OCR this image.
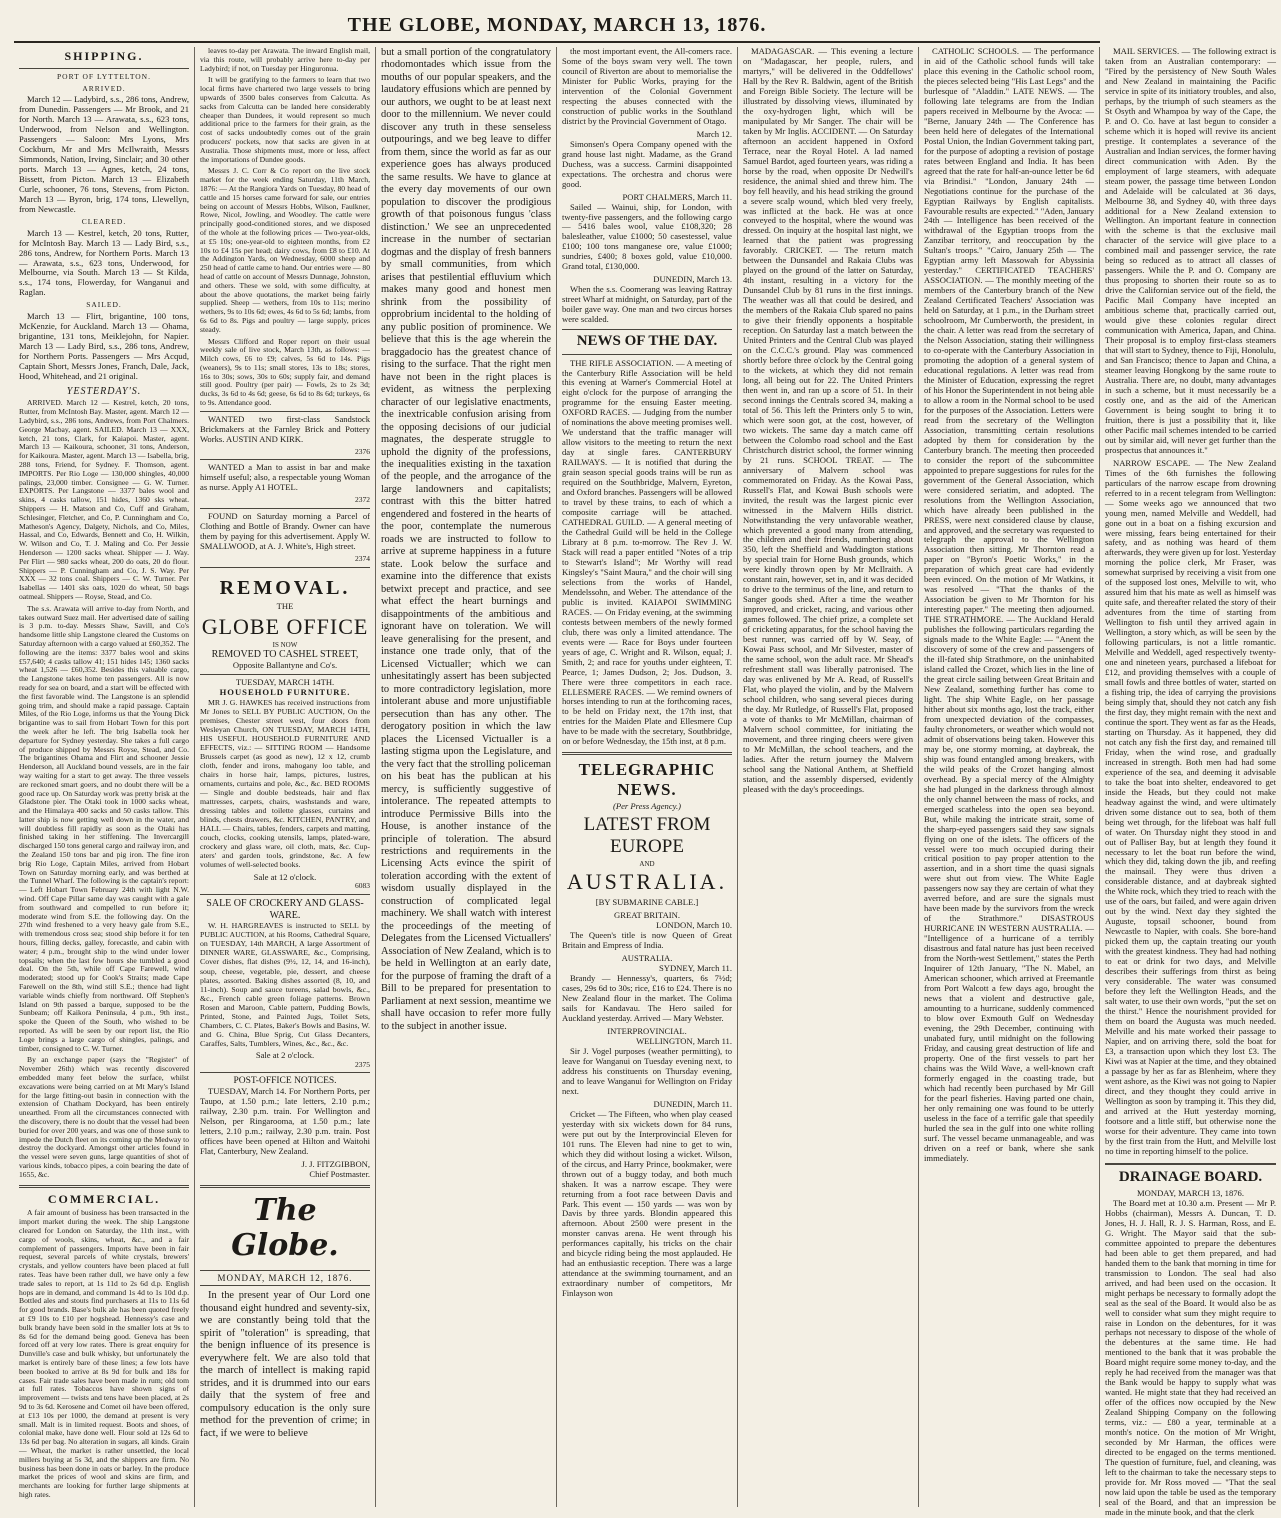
THE GLOBE, MONDAY, MARCH 13, 1876.
SHIPPING.
PORT OF LYTTELTON.
ARRIVED.

March 12 — Ladybird, s.s., 286 tons, Andrew, from Dunedin. Passengers — Mr Brook, and 21 for North. March 13 — Arawata, s.s., 623 tons, Underwood, from Nelson and Wellington. Passengers — Saloon: Mrs Lyons, Mrs Cockburn, Mr and Mrs McIlwraith, Messrs Simmonds, Nation, Irving, Sinclair; and 30 other ports. March 13 — Agnes, ketch, 24 tons, Bissett, from Picton. March 13 — Elizabeth Curle, schooner, 76 tons, Stevens, from Picton. March 13 — Byron, brig, 174 tons, Llewellyn, from Newcastle.

CLEARED.

March 13 — Kestrel, ketch, 20 tons, Rutter, for McIntosh Bay. March 13 — Lady Bird, s.s., 286 tons, Andrew, for Northern Ports. March 13 — Arawata, s.s., 623 tons, Underwood, for Melbourne, via South. March 13 — St Kilda, s.s., 174 tons, Flowerday, for Wanganui and Raglan.

SAILED.

March 13 — Flirt, brigantine, 100 tons, McKenzie, for Auckland. March 13 — Ohama, brigantine, 131 tons, Meiklejohn, for Napier. March 13 — Lady Bird, s.s., 286 tons, Andrew, for Northern Ports. Passengers — Mrs Acqud, Captain Short, Messrs Jones, Franch, Dale, Jack, Hood, Whitehead, and 21 original.

YESTERDAY'S.

ARRIVED. March 12 — Kestrel, ketch, 20 tons, Rutter, from McIntosh Bay. Master, agent. March 12 — Ladybird, s.s., 286 tons, Andrews, from Port Chalmers. George Macbay, agent. SAILED. March 13 — XXX, ketch, 21 tons, Clark, for Kaiapoi. Master, agent. March 13 — Kaikoura, schooner, 31 tons, Anderson, for Kaikoura. Master, agent. March 13 — Isabella, brig, 288 tons, Friend, for Sydney. F. Thomson, agent. IMPORTS. Per Rio Loge — 130,000 shingles, 40,000 palings, 23,000 timber. Consignee — G. W. Turner. EXPORTS. Per Langstone — 3377 bales wool and skins, 4 casks tallow, 151 hides, 1360 sks wheat. Shippers — H. Matson and Co, Cuff and Graham, Schlesinger, Fletcher, and Co, P. Cunningham and Co, Matheson's Agency, Dalgety, Nichols, and Co, Miles, Hassal, and Co, Edwards, Bennett and Co, H. Wilkin, W. Wilson and Co, T. J. Maling and Co. Per Jessie Henderson — 1200 sacks wheat. Shipper — J. Way. Per Flirt — 980 sacks wheat, 200 do oats, 20 do flour. Shippers — P. Cunningham and Co, J. S. Way. Per XXX — 32 tons coal. Shippers — C. W. Turner. Per Isabellas — 1401 sks oats, 1020 do wheat, 50 bags oatmeal. Shippers — Royse, Stead, and Co.

The s.s. Arawata will arrive to-day from North, and takes outward Suez mail. Her advertised date of sailing is 3 p.m. to-day. Messrs Shaw, Savill, and Co's handsome little ship Langstone cleared the Customs on Saturday afternoon with a cargo valued at £60,352. The following are the items: 3377 bales wool and skins £57,640; 4 casks tallow 41; 151 hides 145; 1360 sacks wheat 1,526 — £60,352. Besides this valuable cargo, the Langstone takes home ten passengers. All is now ready for sea on board, and a start will be effected with the first favorable wind. The Langstone is an splendid going trim, and should make a rapid passage. Captain Miles, of the Rio Loge, informs us that the Young Dick brigantine was to sail from Hobart Town for this port the week after he left. The brig Isabella took her departure for Sydney yesterday. She takes a full cargo of produce shipped by Messrs Royse, Stead, and Co. The brigantines Ohama and Flirt and schooner Jessie Henderson, all Auckland bound vessels, are in the fair way waiting for a start to get away. The three vessels are reckoned smart goers, and no doubt there will be a good race up. On Saturday work was pretty brisk at the Gladstone pier. The Otaki took in 1000 sacks wheat, and the Himalaya 400 sacks and 50 casks tallow. This latter ship is now getting well down in the water, and will doubtless fill rapidly as soon as the Otaki has finished taking in her stiffening. The Invercargill discharged 150 tons general cargo and railway iron, and the Zealand 150 tons bar and pig iron. The fine iron brig Rio Loge, Captain Miles, arrived from Hobart Town on Saturday morning early, and was berthed at the Tunnel Wharf. The following is the captain's report: — Left Hobart Town February 24th with light N.W. wind. Off Cape Pillar same day was caught with a gale from southward and compelled to run before it; moderate wind from S.E. the following day. On the 27th wind freshened to a very heavy gale from S.E., with tremendous cross sea; stood ship before it for ten hours, filling decks, galley, forecastle, and cabin with water; 4 p.m., brought ship to the wind under lower topsails; when the last few hours she tumbled a good deal. On the 5th, while off Cape Farewell, wind moderated; stood up for Cook's Straits; made Cape Farewell on the 8th, wind still S.E.; thence had light variable winds chiefly from northward. Off Stephen's Island on 9th passed a barque, supposed to be the Sunbeam; off Kaikora Peninsula, 4 p.m., 9th inst., spoke the Queen of the South, who wished to be reported. As will be seen by our report list, the Rio Loge brings a large cargo of shingles, palings, and timber, consigned to C. W. Turner.

By an exchange paper (says the "Register" of November 26th) which was recently discovered embedded many feet below the surface, whilst excavations were being carried on at Mt Mary's Island for the large fitting-out basin in connection with the extension of Chatham Dockyard, has been entirely unearthed. From all the circumstances connected with the discovery, there is no doubt that the vessel had been buried for over 200 years, and was one of those sunk to impede the Dutch fleet on its coming up the Medway to destroy the dockyard. Amongst other articles found in the vessel were seven guns, large quantities of shot of various kinds, tobacco pipes, a coin bearing the date of 1655, &c.

COMMERCIAL.

A fair amount of business has been transacted in the import market during the week. The ship Langstone cleared for London on Saturday, the 11th inst., with cargo of wools, skins, wheat, &c., and a fair complement of passengers. Imports have been in fair request, several parcels of white crystals, brewers' crystals, and yellow counters have been placed at full rates. Teas have been rather dull, we have only a few trade sales to report, at 1s 11d to 2s 6d d.p. English hops are in demand, and command 1s 4d to 1s 10d d.p. Bottled ales and stouts find purchasers at 11s to 11s 6d for good brands. Base's bulk ale has been quoted freely at £9 10s to £10 per hogshead. Hennessy's case and bulk brandy have been sold in the smaller lots at 9s to 8s 6d for the demand being good. Geneva has been forced off at very low rates. There is great enquiry for Dunville's case and bulk whisky, but unfortunately the market is entirely bare of these lines; a few lots have been booked to arrive at 8s 9d for bulk and 18s for cases. Fair trade sales have been made in rum; old tom at full rates. Tobaccos have shown signs of improvement — twists and tens have been placed, at 2s 9d to 3s 6d. Kerosene and Comet oil have been offered, at £13 10s per 1000, the demand at present is very small. Malt is in limited request. Boots and shoes, of colonial make, have done well. Flour sold at 12s 6d to 13s 6d per bag. No alteration in sugars, all kinds. Grain — Wheat, the market is rather unsettled, the local millers buying at 5s 3d, and the shippers are firm. No business has been done in oats or barley. In the produce market the prices of wool and skins are firm, and merchants are looking for further large shipments at high rates.

leaves to-day per Arawata. The inward English mail, via this route, will probably arrive here to-day per Ladybird; if not, on Tuesday per Hinguronua.

It will be gratifying to the farmers to learn that two local firms have chartered two large vessels to bring upwards of 3500 bales conserves from Calcutta. As sacks from Calcutta can be landed here considerably cheaper than Dundees, it would represent so much additional price to the farmers for their grain, as the cost of sacks undoubtedly comes out of the grain producers' pockets, now that sacks are given in at Australia. Those shipments must, more or less, affect the importations of Dundee goods.

Messrs J. C. Corr & Co report on the live stock market for the week ending Saturday, 11th March, 1876: — At the Rangiora Yards on Tuesday, 80 head of cattle and 15 horses came forward for sale, our entries being on account of Messrs Hobbs, Wilson, Faulkner, Rowe, Nicol, Jowling, and Woodley. The cattle were principally good-conditioned stores, and we disposed of the whole at the following prices — Two-year-olds, at £5 10s; one-year-old to eighteen months, from £2 10s to £4 15s per head; dairy cows, from £8 to £10. At the Addington Yards, on Wednesday, 6000 sheep and 250 head of cattle came to hand. Our entries were — 80 head of cattle on account of Messrs Dunnage, Johnston, and others. These we sold, with some difficulty, at about the above quotations, the market being fairly supplied. Sheep — wethers, from 10s to 11s; merino wethers, 9s to 10s 6d; ewes, 4s 6d to 5s 6d; lambs, from 6s 6d to 8s. Pigs and poultry — large supply, prices steady.

Messrs Clifford and Roper report on their usual weekly sale of live stock, March 13th, as follows: — Milch cows, £6 to £9; calves, 5s 6d to 14s. Pigs (weaners), 9s to 11s; small stores, 13s to 18s; stores, 16s to 30s; sows, 30s to 60s; supply fair, and demand still good. Poultry (per pair) — Fowls, 2s to 2s 3d; ducks, 3s 6d to 4s 6d; geese, 6s 6d to 8s 6d; turkeys, 6s to 9s. Attendance good.

WANTED two first-class Sandstock Brickmakers at the Farnley Brick and Pottery Works. AUSTIN AND KIRK.

2376

WANTED a Man to assist in bar and make himself useful; also, a respectable young Woman as nurse. Apply A1 HOTEL.

2372

FOUND on Saturday morning a Parcel of Clothing and Bottle of Brandy. Owner can have them by paying for this advertisement. Apply W. SMALLWOOD, at A. J. White's, High street.

2374
REMOVAL.
THE
GLOBE OFFICE
IS NOW
REMOVED TO CASHEL STREET,
Opposite Ballantyne and Co's.
TUESDAY, MARCH 14TH.
HOUSEHOLD FURNITURE.

MR J. G. HAWKES has received instructions from Mr Jones to SELL BY PUBLIC AUCTION, On the premises, Chester street west, four doors from Wesleyan Church, ON TUESDAY, MARCH 14TH, HIS USEFUL HOUSEHOLD FURNITURE AND EFFECTS, viz.: — SITTING ROOM — Handsome Brussels carpet (as good as new), 12 x 12, crumb cloth, fender and irons, mahogany loo table, and chairs in horse hair, lamps, pictures, lustres, ornaments, curtains and pole, &c., &c. BED ROOMS — Single and double bedsteads, hair and flax mattresses, carpets, chairs, washstands and ware, dressing tables and toilette glasses, curtains and blinds, chests drawers, &c. KITCHEN, PANTRY, and HALL — Chairs, tables, fenders, carpets and matting, couch, clocks, cooking utensils, lamps, plated-ware, crockery and glass ware, oil cloth, mats, &c. Cup-aters' and garden tools, grindstone, &c. A few volumes of well-selected books.

Sale at 12 o'clock.
6083
SALE OF CROCKERY AND GLASS-WARE.

W. H. HARGREAVES is instructed to SELL by PUBLIC AUCTION, at his Rooms, Cathedral Square, on TUESDAY, 14th MARCH, A large Assortment of DINNER WARE, GLASSWARE, &c., Comprising, Cover dishes, flat dishes (9½, 12, 14, and 16-inch), soup, cheese, vegetable, pie, dessert, and cheese plates, assorted. Baking dishes assorted (8, 10, and 11-inch). Soup and sauce tureens, salad bowls, &c., &c., French cable green foliage patterns. Brown Rosen and Maroon, Cable pattern, Pudding Bowls, Printed, Stone, and Painted Jugs, Toilet Sets, Chambers, C. C. Plates, Baker's Bowls and Basins, W. and G. China, Blue Sprig, Cut Glass Decanters, Caraffes, Salts, Tumblers, Wines, &c., &c., &c.

Sale at 2 o'clock.
2375
POST-OFFICE NOTICES.

TUESDAY, March 14. For Northern Ports, per Taupo, at 1.50 p.m.; late letters, 2.10 p.m.; railway, 2.30 p.m. train. For Wellington and Nelson, per Ringarooma, at 1.50 p.m.; late letters, 2.10 p.m.; railway, 2.30 p.m. train. Post offices have been opened at Hilton and Waitohi Flat, Canterbury, New Zealand.

J. J. FITZGIBBON,
Chief Postmaster.
The Globe.
MONDAY, MARCH 12, 1876.

In the present year of Our Lord one thousand eight hundred and seventy-six, we are constantly being told that the spirit of "toleration" is spreading, that the benign influence of its presence is everywhere felt. We are also told that the march of intellect is making rapid strides, and it is drummed into our ears daily that the system of free and compulsory education is the only sure method for the prevention of crime; in fact, if we were to believe

but a small portion of the congratulatory rhodomontades which issue from the mouths of our popular speakers, and the laudatory effusions which are penned by our authors, we ought to be at least next door to the millennium. We never could discover any truth in these senseless outpourings, and we beg leave to differ from them, since the world as far as our experience goes has always produced the same results. We have to glance at the every day movements of our own population to discover the prodigious growth of that poisonous fungus 'class distinction.' We see an unprecedented increase in the number of sectarian dogmas and the display of fresh banners by small communities, from which arises that pestilential effluvium which makes many good and honest men shrink from the possibility of opprobrium incidental to the holding of any public position of prominence. We believe that this is the age wherein the braggadocio has the greatest chance of rising to the surface. That the right men have not been in the right places is evident, as witness the perplexing character of our legislative enactments, the inextricable confusion arising from the opposing decisions of our judicial magnates, the desperate struggle to uphold the dignity of the professions, the inequalities existing in the taxation of the people, and the arrogance of the large landowners and capitalists; contrast with this the bitter hatred engendered and fostered in the hearts of the poor, contemplate the numerous roads we are instructed to follow to arrive at supreme happiness in a future state. Look below the surface and examine into the difference that exists betwixt precept and practice, and see what effect the heart burnings and disappointments of the ambitious and ignorant have on toleration. We will leave generalising for the present, and instance one trade only, that of the Licensed Victualler; which we can unhesitatingly assert has been subjected to more contradictory legislation, more intolerant abuse and more unjustifiable persecution than has any other. The derogatory position in which the law places the Licensed Victualler is a lasting stigma upon the Legislature, and the very fact that the strolling policeman on his beat has the publican at his mercy, is sufficiently suggestive of intolerance. The repeated attempts to introduce Permissive Bills into the House, is another instance of the principle of toleration. The absurd restrictions and requirements in the Licensing Acts evince the spirit of toleration according with the extent of wisdom usually displayed in the construction of complicated legal machinery. We shall watch with interest the proceedings of the meeting of Delegates from the Licensed Victuallers' Association of New Zealand, which is to be held in Wellington at an early date, for the purpose of framing the draft of a Bill to be prepared for presentation to Parliament at next session, meantime we shall have occasion to refer more fully to the subject in another issue.

the most important event, the All-comers race. Some of the boys swam very well. The town council of Riverton are about to memorialise the Minister for Public Works, praying for the intervention of the Colonial Government respecting the abuses connected with the construction of public works in the Southland district by the Provincial Government of Otago.

March 12.

Simonsen's Opera Company opened with the grand house last night. Madame, as the Grand Duchess, was a success. Carmini disappointed expectations. The orchestra and chorus were good.

PORT CHALMERS, March 11.

Sailed — Wainui, ship, for London, with twenty-five passengers, and the following cargo — 5416 bales wool, value £108,320; 28 balesleather, value £1000; 50 casestessel, value £100; 100 tons manganese ore, value £1000; sundries, £400; 8 boxes gold, value £10,000. Grand total, £130,000.

DUNEDIN, March 13.

When the s.s. Coomerang was leaving Rattray street Wharf at midnight, on Saturday, part of the boiler gave way. One man and two circus horses were scalded.

NEWS OF THE DAY.

THE RIFLE ASSOCIATION. — A meeting of the Canterbury Rifle Association will be held this evening at Warner's Commercial Hotel at eight o'clock for the purpose of arranging the programme for the ensuing Easter meeting. OXFORD RACES. — Judging from the number of nominations the above meeting promises well. We understand that the traffic manager will allow visitors to the meeting to return the next day at single fares. CANTERBURY RAILWAYS. — It is notified that during the grain season special goods trains will be run as required on the Southbridge, Malvern, Eyreton, and Oxford branches. Passengers will be allowed to travel by these trains, to each of which a composite carriage will be attached. CATHEDRAL GUILD. — A general meeting of the Cathedral Guild will be held in the College Library at 8 p.m. to-morrow. The Rev J. W. Stack will read a paper entitled "Notes of a trip to Stewart's Island"; Mr Worthy will read Kingsley's "Saint Maura," and the choir will sing selections from the works of Handel, Mendelssohn, and Weber. The attendance of the public is invited. KAIAPOI SWIMMING RACES. — On Friday evening, at the swimming contests between members of the newly formed club, there was only a limited attendance. The events were — Race for Boys under fourteen years of age, C. Wright and R. Wilson, equal; J. Smith, 2; and race for youths under eighteen, T. Pearce, 1; James Dudson, 2; Jos. Dudson, 3. There were three competitors in each race. ELLESMERE RACES. — We remind owners of horses intending to run at the forthcoming races, to be held on Friday next, the 17th inst, that entries for the Maiden Plate and Ellesmere Cup have to be made with the secretary, Southbridge, on or before Wednesday, the 15th inst, at 8 p.m.

TELEGRAPHIC NEWS.
(Per Press Agency.)
LATEST FROM EUROPE
AND
AUSTRALIA.
[BY SUBMARINE CABLE.]
GREAT BRITAIN.
LONDON, March 10.

The Queen's title is now Queen of Great Britain and Empress of India.

AUSTRALIA.
SYDNEY, March 11.

Brandy — Hennessy's, quarters, 6s 7½d; cases, 29s 6d to 30s; rice, £16 to £24. There is no New Zealand flour in the market. The Colima sails for Kandavau. The Hero sailed for Auckland yesterday. Arrived — Mary Webster.

INTERPROVINCIAL.
WELLINGTON, March 11.

Sir J. Vogel purposes (weather permitting), to leave for Wanganui on Tuesday evening next, to address his constituents on Thursday evening, and to leave Wanganui for Wellington on Friday next.

DUNEDIN, March 11.

Cricket — The Fifteen, who when play ceased yesterday with six wickets down for 84 runs, were put out by the Interprovincial Eleven for 101 runs. The Eleven had nine to get to win, which they did without losing a wicket. Wilson, of the circus, and Harry Prince, bookmaker, were thrown out of a buggy today, and both much shaken. It was a narrow escape. They were returning from a foot race between Davis and Park. This event — 150 yards — was won by Davis by three yards. Blondin appeared this afternoon. About 2500 were present in the monster canvas arena. He went through his performances capitally, his tricks on the chair and bicycle riding being the most applauded. He had an enthusiastic reception. There was a large attendance at the swimming tournament, and an extraordinary number of competitors, Mr Finlayson won

MADAGASCAR. — This evening a lecture on "Madagascar, her people, rulers, and martyrs," will be delivered in the Oddfellows' Hall by the Rev R. Baldwin, agent of the British and Foreign Bible Society. The lecture will be illustrated by dissolving views, illuminated by the oxy-hydrogen light, which will be manipulated by Mr Sanger. The chair will be taken by Mr Inglis. ACCIDENT. — On Saturday afternoon an accident happened in Oxford Terrace, near the Royal Hotel. A lad named Samuel Bardot, aged fourteen years, was riding a horse by the road, when opposite Dr Nedwill's residence, the animal shied and threw him. The boy fell heavily, and his head striking the ground a severe scalp wound, which bled very freely, was inflicted at the back. He was at once conveyed to the hospital, where the wound was dressed. On inquiry at the hospital last night, we learned that the patient was progressing favorably. CRICKET. — The return match between the Dunsandel and Rakaia Clubs was played on the ground of the latter on Saturday, 4th instant, resulting in a victory for the Dunsandel Club by 81 runs in the first innings. The weather was all that could be desired, and the members of the Rakaia Club spared no pains to give their friendly opponents a hospitable reception. On Saturday last a match between the United Printers and the Central Club was played on the C.C.C.'s ground. Play was commenced shortly before three o'clock by the Central going to the wickets, at which they did not remain long, all being out for 22. The United Printers then went in, and ran up a score of 51. In their second innings the Centrals scored 34, making a total of 56. This left the Printers only 5 to win, which were soon got, at the cost, however, of two wickets. The same day a match came off between the Colombo road school and the East Christchurch district school, the former winning by 21 runs. SCHOOL TREAT. — The anniversary of Malvern school was commemorated on Friday. As the Kowai Pass, Russell's Flat, and Kowai Bush schools were invited, the result was the largest picnic ever witnessed in the Malvern Hills district. Notwithstanding the very unfavorable weather, which prevented a good many from attending, the children and their friends, numbering about 350, left the Sheffield and Waddington stations by special train for Horne Bush grounds, which were kindly thrown open by Mr McIlraith. A constant rain, however, set in, and it was decided to drive to the terminus of the line, and return to Sanger goods shed. After a time the weather improved, and cricket, racing, and various other games followed. The chief prize, a complete set of cricketing apparatus, for the school having the best runner, was carried off by W. Seay, of Kowai Pass school, and Mr Silvester, master of the same school, won the adult race. Mr Shead's refreshment stall was liberally patronised. The day was enlivened by Mr A. Read, of Russell's Flat, who played the violin, and by the Malvern school children, who sang several pieces during the day. Mr Rutledge, of Russell's Flat, proposed a vote of thanks to Mr McMillan, chairman of Malvern school committee, for initiating the movement, and three ringing cheers were given to Mr McMillan, the school teachers, and the ladies. After the return journey the Malvern school sang the National Anthem, at Sheffield station, and the assembly dispersed, evidently pleased with the day's proceedings.

CATHOLIC SCHOOLS. — The performance in aid of the Catholic school funds will take place this evening in the Catholic school room, the pieces selected being "His Last Legs" and the burlesque of "Aladdin." LATE NEWS. — The following late telegrams are from the Indian papers received in Melbourne by the Avoca: — "Berne, January 24th — The Conference has been held here of delegates of the International Postal Union, the Indian Government taking part, for the purpose of adopting a revision of postage rates between England and India. It has been agreed that the rate for half-an-ounce letter be 6d via Brindisi." "London, January 24th — Negotiations continue for the purchase of the Egyptian Railways by English capitalists. Favourable results are expected." "Aden, January 24th — Intelligence has been received of the withdrawal of the Egyptian troops from the Zanzibar territory, and reoccupation by the Sultan's troops." "Cairo, January 25th — The Egyptian army left Massowah for Abyssinia yesterday." CERTIFICATED TEACHERS' ASSOCIATION. — The monthly meeting of the members of the Canterbury branch of the New Zealand Certificated Teachers' Association was held on Saturday, at 1 p.m., in the Durham street schoolroom, Mr Cumberworth, the president, in the chair. A letter was read from the secretary of the Nelson Association, stating their willingness to co-operate with the Canterbury Association in promoting the adoption of a general system of educational regulations. A letter was read from the Minister of Education, expressing the regret of his Honor the Superintendent in not being able to allow a room in the Normal school to be used for the purposes of the Association. Letters were read from the secretary of the Wellington Association, transmitting certain resolutions adopted by them for consideration by the Canterbury branch. The meeting then proceeded to consider the report of the subcommittee appointed to prepare suggestions for rules for the government of the General Association, which were considered seriatim, and adopted. The resolutions from the Wellington Association, which have already been published in the PRESS, were next considered clause by clause, and approved, and the secretary was requested to telegraph the approval to the Wellington Association then sitting. Mr Thornton read a paper on "Byron's Poetic Works," in the preparation of which great care had evidently been evinced. On the motion of Mr Watkins, it was resolved — "That the thanks of the Association be given to Mr Thornton for his interesting paper." The meeting then adjourned. THE STRATHMORE. — The Auckland Herald publishes the following particulars regarding the signals made to the White Eagle: — "Anent the discovery of some of the crew and passengers of the ill-fated ship Strathmore, on the uninhabited island called the Crozet, which lies in the line of the great circle sailing between Great Britain and New Zealand, something further has come to light. The ship White Eagle, on her passage hither about six months ago, lost the track, either from unexpected deviation of the compasses, faulty chronometers, or weather which would not admit of observations being taken. However this may be, one stormy morning, at daybreak, the ship was found entangled among breakers, with the wild peaks of the Crozet hanging almost overhead. By a special mercy of the Almighty she had plunged in the darkness through almost the only channel between the mass of rocks, and emerged scatheless into the open sea beyond. But, while making the intricate strait, some of the sharp-eyed passengers said they saw signals flying on one of the islets. The officers of the vessel were too much occupied during their critical position to pay proper attention to the assertion, and in a short time the quasi signals were shut out from view. The White Eagle passengers now say they are certain of what they averred before, and are sure the signals must have been made by the survivors from the wreck of the Strathmore." DISASTROUS HURRICANE IN WESTERN AUSTRALIA. — "Intelligence of a hurricane of a terribly disastrous and fatal nature has just been received from the North-west Settlement," states the Perth Inquirer of 12th January, "The N. Mabel, an American schooner, which arrived at Freemantle from Port Walcott a few days ago, brought the news that a violent and destructive gale, amounting to a hurricane, suddenly commenced to blow over Exmouth Gulf on Wednesday evening, the 29th December, continuing with unabated fury, until midnight on the following Friday, and causing great destruction of life and property. One of the first vessels to part her chains was the Wild Wave, a well-known craft formerly engaged in the coasting trade, but which had recently been purchased by Mr Gill for the pearl fisheries. Having parted one chain, her only remaining one was found to be utterly useless in the face of a terrific gale that speedily hurled the sea in the gulf into one white rolling surf. The vessel became unmanageable, and was driven on a reef or bank, where she sank immediately.

MAIL SERVICES. — The following extract is taken from an Australian contemporary: — "Fired by the persistency of New South Wales and New Zealand in maintaining the Pacific service in spite of its initiatory troubles, and also, perhaps, by the triumph of such steamers as the St Osyth and Whampoa by way of the Cape, the P. and O. Co. have at last begun to consider a scheme which it is hoped will revive its ancient prestige. It contemplates a severance of the Australian and Indian services, the former having direct communication with Aden. By the employment of large steamers, with adequate steam power, the passage time between London and Adelaide will be calculated at 36 days, Melbourne 38, and Sydney 40, with three days additional for a New Zealand extension to Wellington. An important feature in connection with the scheme is that the exclusive mail character of the service will give place to a combined mail and passenger service, the rate being so reduced as to attract all classes of passengers. While the P. and O. Company are thus proposing to shorten their route so as to drive the Californian service out of the field, the Pacific Mail Company have incepted an ambitious scheme that, practically carried out, would give these colonies regular direct communication with America, Japan, and China. Their proposal is to employ first-class steamers that will start to Sydney, thence to Fiji, Honolulu, and San Francisco; thence to Japan and China, a steamer leaving Hongkong by the same route to Australia. There are, no doubt, many advantages in such a scheme, but it must necessarily be a costly one, and as the aid of the American Government is being sought to bring it to fruition, there is just a possibility that it, like other Pacific mail schemes intended to be carried out by similar aid, will never get further than the prospectus that announces it."

NARROW ESCAPE. — The New Zealand Times of the 6th furnishes the following particulars of the narrow escape from drowning referred to in a recent telegram from Wellington: — Some weeks ago we announced that two young men, named Melville and Weddell, had gone out in a boat on a fishing excursion and were missing, fears being entertained for their safety, and as nothing was heard of them afterwards, they were given up for lost. Yesterday morning the police clerk, Mr Fraser, was somewhat surprised by receiving a visit from one of the supposed lost ones, Melville to wit, who assured him that his mate as well as himself was quite safe, and thereafter related the story of their adventures from the time of starting from Wellington to fish until they arrived again in Wellington, a story which, as will be seen by the following particulars, is not a little romantic. Melville and Weddell, aged respectively twenty-one and nineteen years, purchased a lifeboat for £12, and providing themselves with a couple of small fowls and three bottles of water, started on a fishing trip, the idea of carrying the provisions being simply that, should they not catch any fish the first day, they might remain with the next and continue the sport. They went as far as the Heads, starting on Thursday. As it happened, they did not catch any fish the first day, and remained till Friday, when the wind rose, and gradually increased in strength. Both men had had some experience of the sea, and deeming it advisable to take the boat into shelter, endeavored to get inside the Heads, but they could not make headway against the wind, and were ultimately driven some distance out to sea, both of them being wet through, for the lifeboat was half full of water. On Thursday night they stood in and out of Palliser Bay, but at length they found it necessary to let the boat run before the wind, which they did, taking down the jib, and reefing the mainsail. They were thus driven a considerable distance, and at daybreak sighted the White rock, which they tried to reach with the use of the oars, but failed, and were again driven out by the wind. Next day they sighted the Auguste, topsail schooner, bound from Newcastle to Napier, with coals. She bore-hand picked them up, the captain treating our youth with the greatest kindness. They had had nothing to eat or drink for two days, and Melville describes their sufferings from thirst as being very considerable. The water was consumed before they left the Wellington Heads, and the salt water, to use their own words, "put the set on the thirst." Hence the nourishment provided for them on board the Augusta was much needed. Melville and his mate worked their passage to Napier, and on arriving there, sold the boat for £3, a transaction upon which they lost £3. The Kiwi was at Napier at the time, and they obtained a passage by her as far as Blenheim, where they went ashore, as the Kiwi was not going to Napier direct, and they thought they could arrive in Wellington as soon by tramping it. This they did, and arrived at the Hutt yesterday morning, footsore and a little stiff, but otherwise none the worse for their adventure. They came into town by the first train from the Hutt, and Melville lost no time in reporting himself to the police.

DRAINAGE BOARD.
MONDAY, MARCH 13, 1876.

The Board met at 10.30 a.m. Present — Mr P. Hobbs (chairman), Messrs A. Duncan, T. D. Jones, H. J. Hall, R. J. S. Harman, Ross, and E. G. Wright. The Mayor said that the sub-committee appointed to prepare the debentures had been able to get them prepared, and had handed them to the bank that morning in time for transmission to London. The seal had also arrived, and had been used on the occasion. It might perhaps be necessary to formally adopt the seal as the seal of the Board. It would also be as well to consider what sum they might require to raise in London on the debentures, for it was perhaps not necessary to dispose of the whole of the debentures at the same time. He had mentioned to the bank that it was probable the Board might require some money to-day, and the reply he had received from the manager was that the Bank would be happy to supply what was wanted. He might state that they had received an offer of the offices now occupied by the New Zealand Shipping Company on the following terms, viz.: — £80 a year, terminable at a month's notice. On the motion of Mr Wright, seconded by Mr Harman, the offices were directed to be engaged on the terms mentioned. The question of furniture, fuel, and cleaning, was left to the chairman to take the necessary steps to provide for. Mr Ross moved — "That the seal now laid upon the table be used as the temporary seal of the Board, and that an impression be made in the minute book, and that the clerk
